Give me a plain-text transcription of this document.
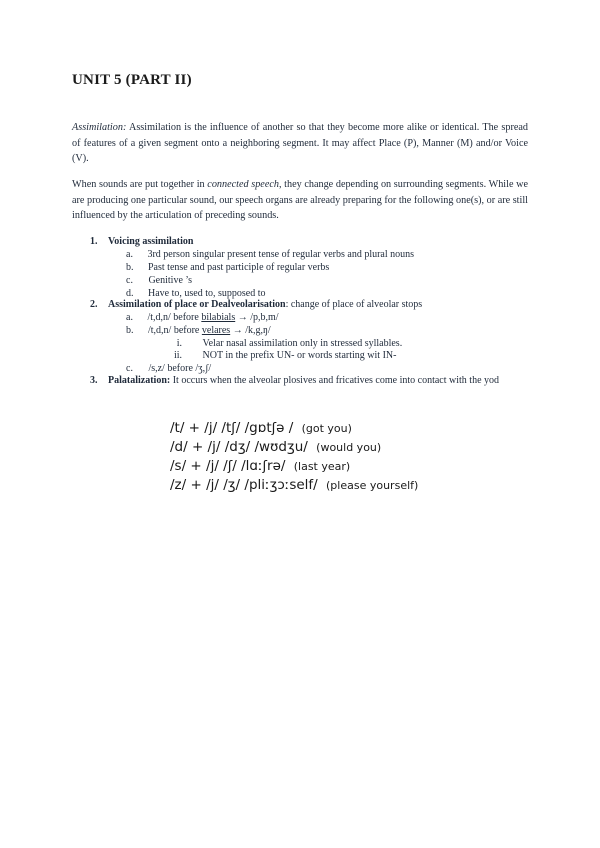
UNIT 5 (PART II)
Assimilation: Assimilation is the influence of another so that they become more alike or identical. The spread of features of a given segment onto a neighboring segment. It may affect Place (P), Manner (M) and/or Voice (V).
When sounds are put together in connected speech, they change depending on surrounding segments. While we are producing one particular sound, our speech organs are already preparing for the following one(s), or are still influenced by the articulation of preceding sounds.
1. Voicing assimilation
a. 3rd person singular present tense of regular verbs and plural nouns
b. Past tense and past participle of regular verbs
c. Genitive ’s
d. Have to, used to, supposed to
2. Assimilation of place or Dealveolarisation: change of place of alveolar stops
a. /t,d,n/ before bilabials → /p,b,m/
b. /t,d,n/ before velares → /k,g,ŋ/
i. Velar nasal assimilation only in stressed syllables.
ii. NOT in the prefix UN- or words starting wit IN-
c. /s,z/ before /ʒ,ʃ/
3. Palatalization: It occurs when the alveolar plosives and fricatives come into contact with the yod
/t/ + /j/ /tʃ/ /gɒtʃə / (got you)
/d/ + /j/ /dʒ/ /wʊdʒu/ (would you)
/s/ + /j/ /ʃ/ /lɑːʃrə/ (last year)
/z/ + /j/ /ʒ/ /pliːʒɔːself/ (please yourself)
